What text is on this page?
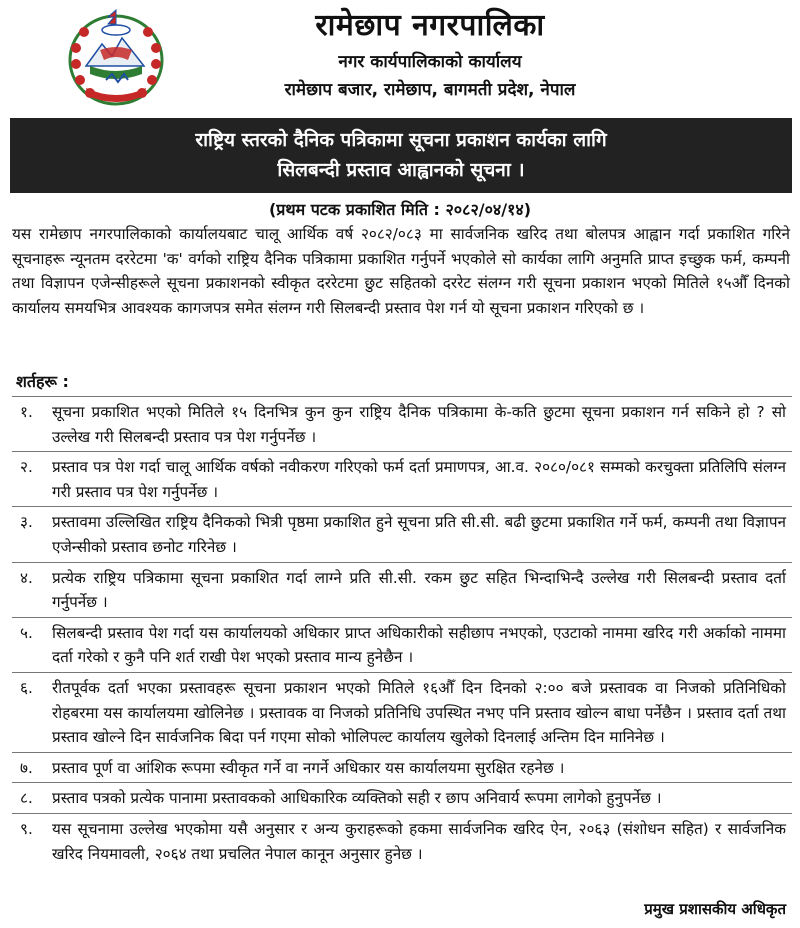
रामेछाप नगरपालिका
नगर कार्यपालिकाको कार्यालय
रामेछाप बजार, रामेछाप, बागमती प्रदेश, नेपाल
राष्ट्रिय स्तरको दैनिक पत्रिकामा सूचना प्रकाशन कार्यका लागि
सिलबन्दी प्रस्ताव आह्वानको सूचना ।
(प्रथम पटक प्रकाशित मिति : २०८२/०४/१४)
यस रामेछाप नगरपालिकाको कार्यालयबाट चालू आर्थिक वर्ष २०८२/०८३ मा सार्वजनिक खरिद तथा बोलपत्र आह्वान गर्दा प्रकाशित गरिने सूचनाहरू न्यूनतम दररेटमा 'क' वर्गको राष्ट्रिय दैनिक पत्रिकामा प्रकाशित गर्नुपर्ने भएकोले सो कार्यका लागि अनुमति प्राप्त इच्छुक फर्म, कम्पनी तथा विज्ञापन एजेन्सीहरूले सूचना प्रकाशनको स्वीकृत दररेटमा छुट सहितको दररेट संलग्न गरी सूचना प्रकाशन भएको मितिले १५औँ दिनको कार्यालय समयभित्र आवश्यक कागजपत्र समेत संलग्न गरी सिलबन्दी प्रस्ताव पेश गर्न यो सूचना प्रकाशन गरिएको छ ।
शर्तहरू :
१.	सूचना प्रकाशित भएको मितिले १५ दिनभित्र कुन कुन राष्ट्रिय दैनिक पत्रिकामा के-कति छुटमा सूचना प्रकाशन गर्न सकिने हो ? सो उल्लेख गरी सिलबन्दी प्रस्ताव पत्र पेश गर्नुपर्नेछ ।
२.	प्रस्ताव पत्र पेश गर्दा चालू आर्थिक वर्षको नवीकरण गरिएको फर्म दर्ता प्रमाणपत्र, आ.व. २०८०/०८१ सम्मको करचुक्ता प्रतिलिपि संलग्न गरी प्रस्ताव पत्र पेश गर्नुपर्नेछ ।
३.	प्रस्तावमा उल्लिखित राष्ट्रिय दैनिकको भित्री पृष्ठमा प्रकाशित हुने सूचना प्रति सी.सी. बढी छुटमा प्रकाशित गर्ने फर्म, कम्पनी तथा विज्ञापन एजेन्सीको प्रस्ताव छनोट गरिनेछ ।
४.	प्रत्येक राष्ट्रिय पत्रिकामा सूचना प्रकाशित गर्दा लाग्ने प्रति सी.सी. रकम छुट सहित भिन्दाभिन्दै उल्लेख गरी सिलबन्दी प्रस्ताव दर्ता गर्नुपर्नेछ ।
५.	सिलबन्दी प्रस्ताव पेश गर्दा यस कार्यालयको अधिकार प्राप्त अधिकारीको सहीछाप नभएको, एउटाको नाममा खरिद गरी अर्काको नाममा दर्ता गरेको र कुनै पनि शर्त राखी पेश भएको प्रस्ताव मान्य हुनेछैन ।
६.	रीतपूर्वक दर्ता भएका प्रस्तावहरू सूचना प्रकाशन भएको मितिले १६औँ दिन दिनको २:०० बजे प्रस्तावक वा निजको प्रतिनिधिको रोहबरमा यस कार्यालयमा खोलिनेछ । प्रस्तावक वा निजको प्रतिनिधि उपस्थित नभए पनि प्रस्ताव खोल्न बाधा पर्नेछैन । प्रस्ताव दर्ता तथा प्रस्ताव खोल्ने दिन सार्वजनिक बिदा पर्न गएमा सोको भोलिपल्ट कार्यालय खुलेको दिनलाई अन्तिम दिन मानिनेछ ।
७.	प्रस्ताव पूर्ण वा आंशिक रूपमा स्वीकृत गर्ने वा नगर्ने अधिकार यस कार्यालयमा सुरक्षित रहनेछ ।
८.	प्रस्ताव पत्रको प्रत्येक पानामा प्रस्तावकको आधिकारिक व्यक्तिको सही र छाप अनिवार्य रूपमा लागेको हुनुपर्नेछ ।
९.	यस सूचनामा उल्लेख भएकोमा यसै अनुसार र अन्य कुराहरूको हकमा सार्वजनिक खरिद ऐन, २०६३ (संशोधन सहित) र सार्वजनिक खरिद नियमावली, २०६४ तथा प्रचलित नेपाल कानून अनुसार हुनेछ ।
प्रमुख प्रशासकीय अधिकृत
